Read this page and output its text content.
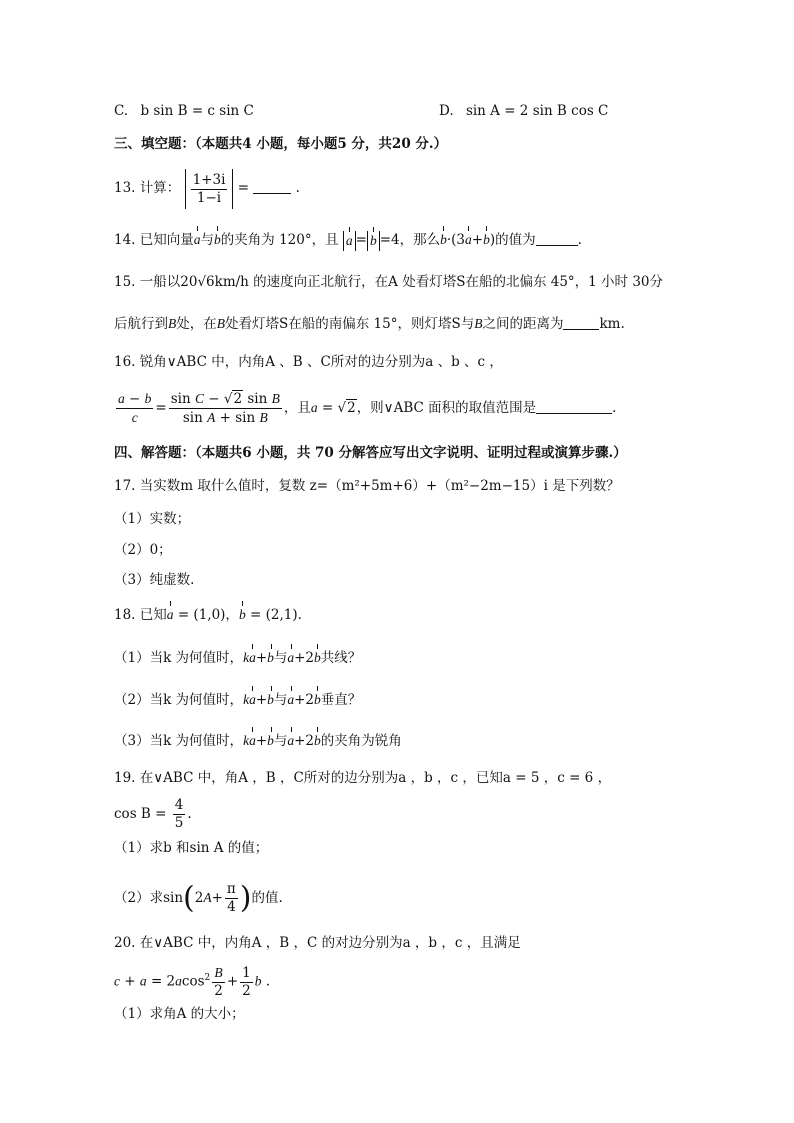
C. b sin B = c sin C	D. sin A = 2 sin B cos C
三、填空题：（本题共4 小题，每小题5 分，共20 分.）
13. 计算： $\frac{1+3i}{1-i}$ =	.
14. 已知向量a与b的夹角为 120°，且 a = b =4，那么b·(3a+b)的值为	.
15. 一船以20√6km/h 的速度向正北航行，在A 处看灯塔S在船的北偏东 45°，1 小时 30分
后航行到B处，在B处看灯塔S在船的南偏东 15°，则灯塔S与B之间的距离为	km.
16. 锐角∨ABC 中，内角A 、B 、C所对的边分别为a 、b 、c ，
$\frac{a - b}{c} = \frac{\text{sin C − √2 sin B}}{\text{sin A + sin B}}$ ，且a = √2，则∨ABC 面积的取值范围是	.
四、解答题：（本题共6 小题，共 70 分解答应写出文字说明、证明过程或演算步骤.）
17. 当实数m 取什么值时，复数 z=（m²+5m+6）+（m²−2m−15）i 是下列数？
（1）实数；
（2）0；
（3）纯虚数.
18. 已知a = (1,0)，b = (2,1).
（1）当k 为何值时，ka+b与a+2b共线？
（2）当k 为何值时，ka+b与a+2b垂直？
（3）当k 为何值时，ka+b与a+2b的夹角为锐角
19. 在∨ABC 中，角A ，B ，C所对的边分别为a ，b ，c ，已知a = 5 ，c = 6 ，
$\cos B = \frac{4}{5}$ .
（1）求b 和sin A 的值；
（2）求$\sin(2A+ \frac{\pi}{4}$ )的值.
20. 在∨ABC 中，内角A ，B ，C 的对边分别为a ，b ，c ，且满足
$c + a = 2acos^2 \frac{B}{2} + \frac{1}{2}$ b .
（1）求角A 的大小；
